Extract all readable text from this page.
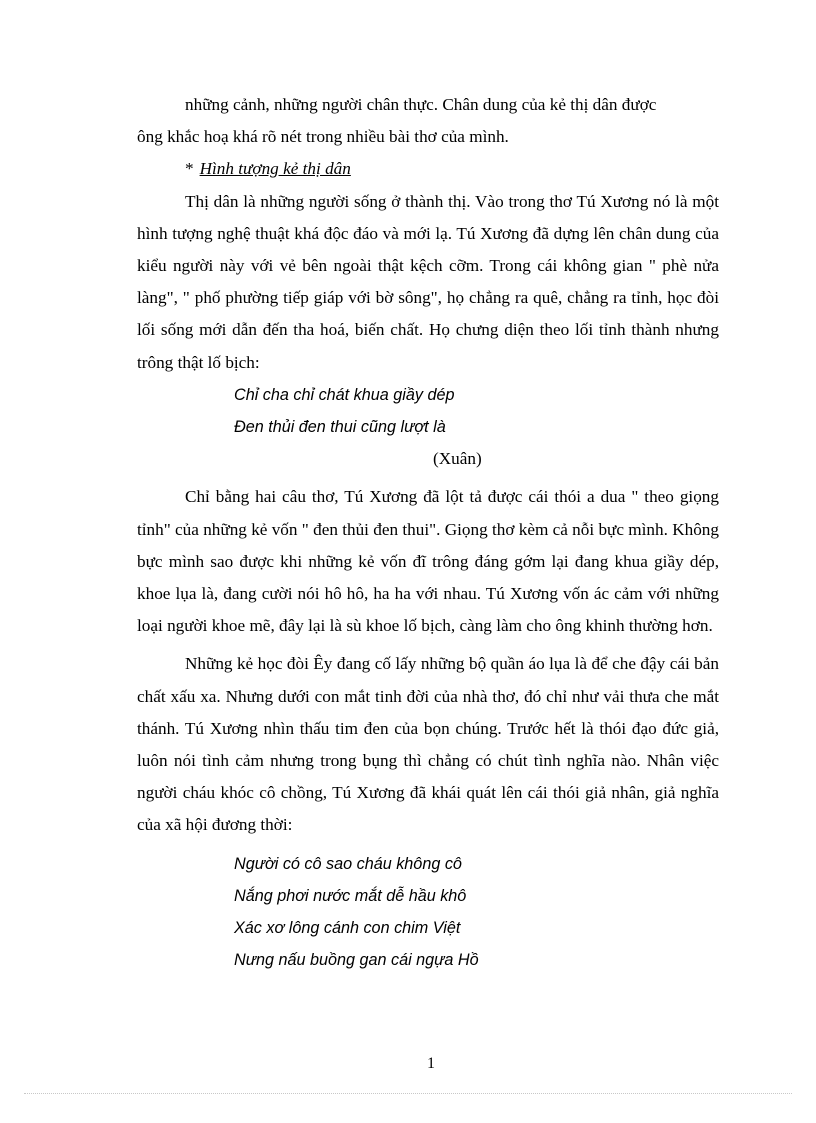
những cảnh, những người chân thực. Chân dung của kẻ thị dân được
ông khắc hoạ khá rõ nét trong nhiều bài thơ của mình.

* Hình tượng kẻ thị dân

Thị dân là những người sống ở thành thị. Vào trong thơ Tú Xương nó là một hình tượng nghệ thuật khá độc đáo và mới lạ. Tú Xương đã dựng lên chân dung của kiểu người này với vẻ bên ngoài thật kệch cỡm. Trong cái không gian " phè nửa làng", " phố phường tiếp giáp với bờ sông", họ chẳng ra quê, chẳng ra tỉnh, học đòi lối sống mới dẫn đến tha hoá, biến chất. Họ chưng diện theo lối tỉnh thành nhưng trông thật lố bịch:

Chỉ cha chỉ chát khua giầy dép

Đen thủi đen thui cũng lượt là

(Xuân)

Chỉ bằng hai câu thơ, Tú Xương đã lột tả được cái thói a dua " theo giọng tỉnh" của những kẻ vốn " đen thủi đen thui". Giọng thơ kèm cả nỗi bực mình. Không bực mình sao được khi những kẻ vốn đĩ trông đáng gớm lại đang khua giầy dép, khoe lụa là, đang cười nói hô hô, ha ha với nhau. Tú Xương vốn ác cảm với những loại người khoe mẽ, đây lại là sù khoe lố bịch, càng làm cho ông khinh thường hơn.

Những kẻ học đòi Êy đang cố lấy những bộ quần áo lụa là để che đậy cái bản chất xấu xa. Nhưng dưới con mắt tinh đời của nhà thơ, đó chỉ như vải thưa che mắt thánh. Tú Xương nhìn thấu tim đen của bọn chúng. Trước hết là thói đạo đức giả, luôn nói tình cảm nhưng trong bụng thì chẳng có chút tình nghĩa nào. Nhân việc người cháu khóc cô chồng, Tú Xương đã khái quát lên cái thói giả nhân, giả nghĩa của xã hội đương thời:

Người có cô sao cháu không cô

Nắng phơi nước mắt dễ hầu khô

Xác xơ lông cánh con chim Việt

Nưng nấu buồng gan cái ngựa Hồ

1
